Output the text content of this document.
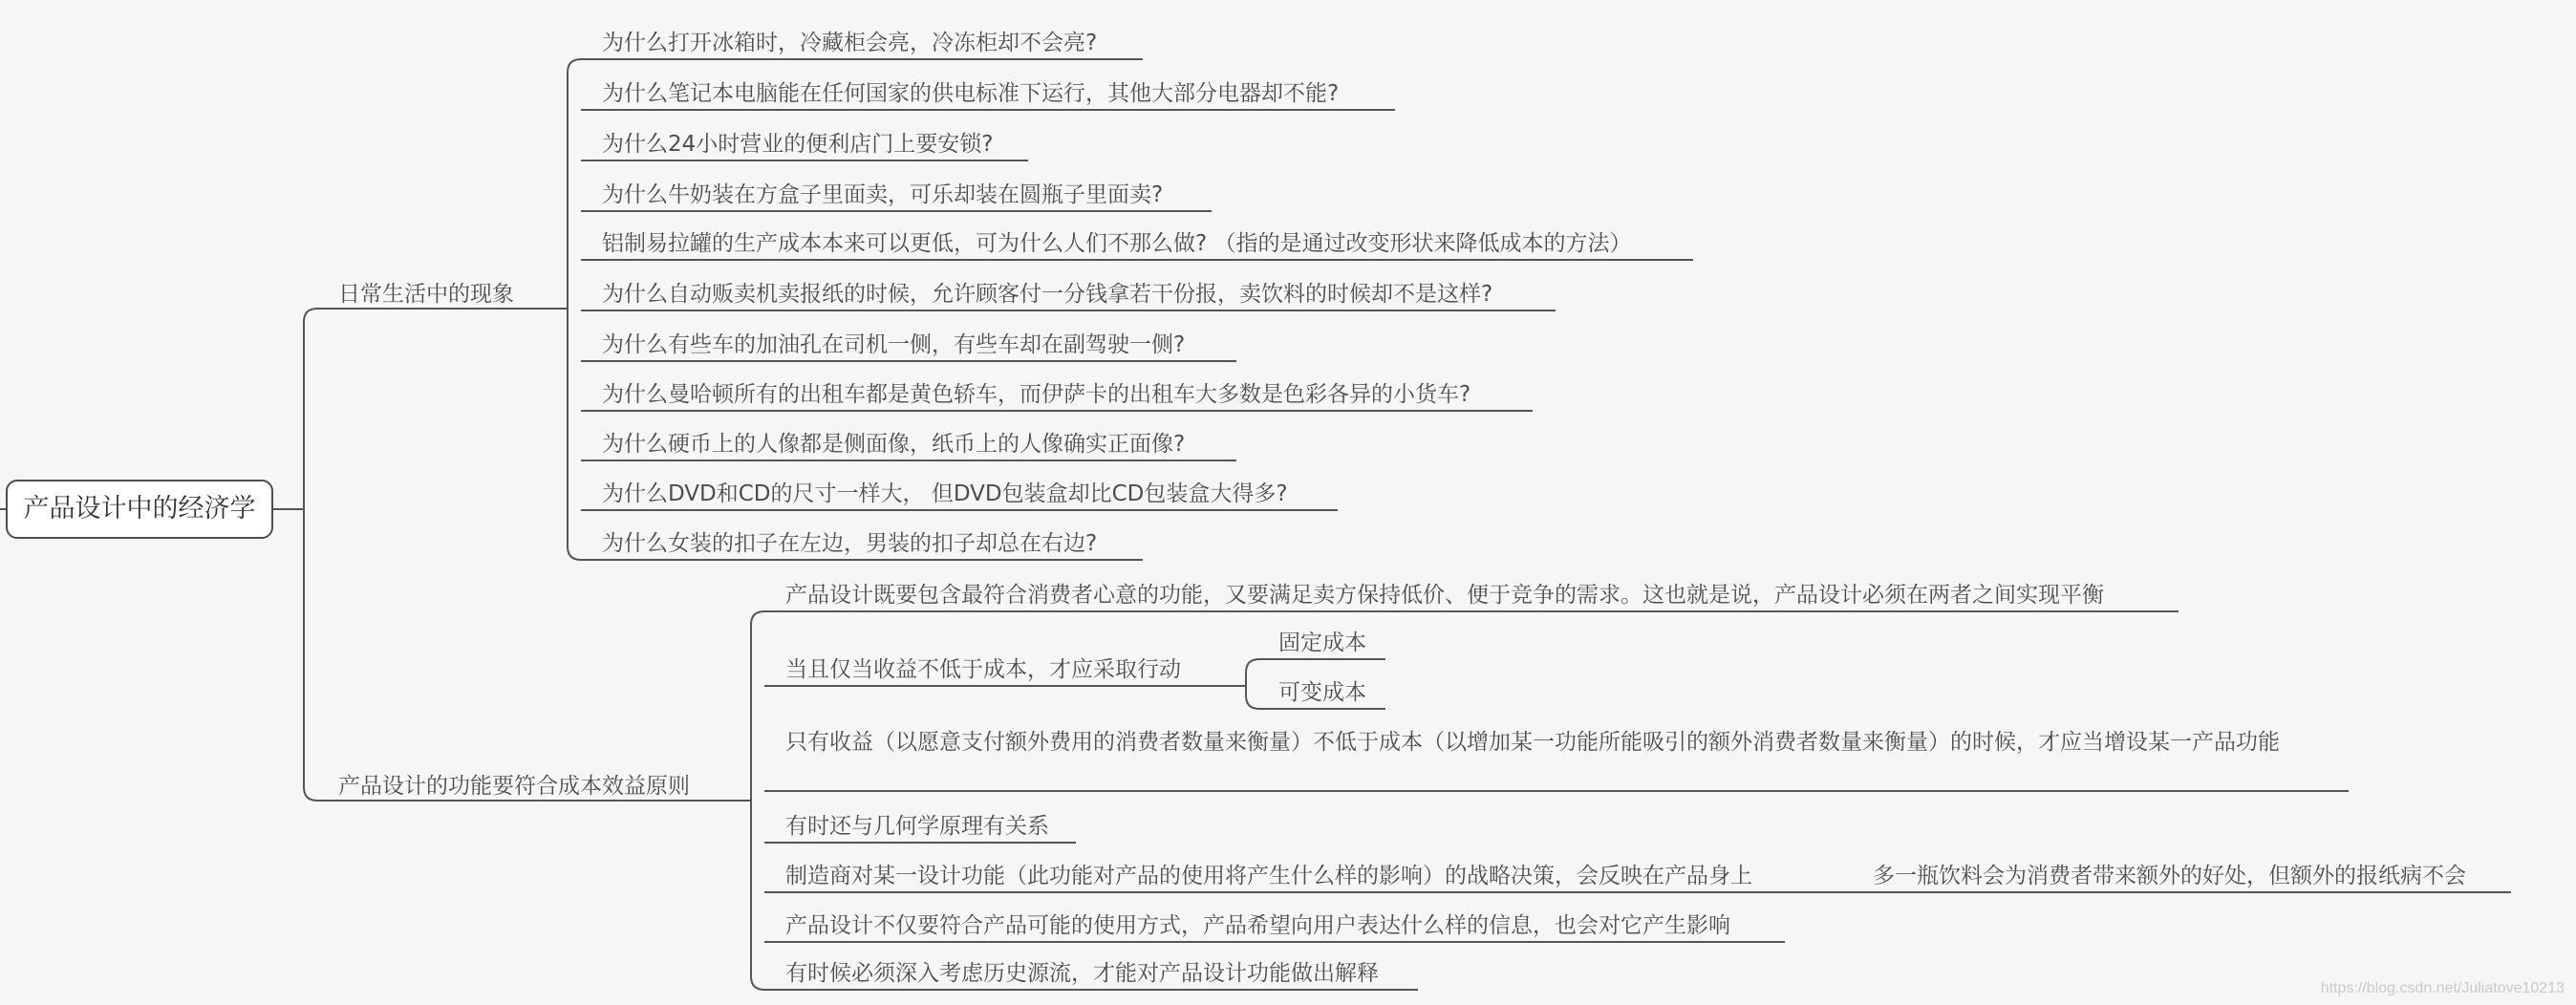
产品设计中的经济学
日常生活中的现象
为什么打开冰箱时，冷藏柜会亮，冷冻柜却不会亮?
为什么笔记本电脑能在任何国家的供电标准下运行，其他大部分电器却不能?
为什么24小时营业的便利店门上要安锁?
为什么牛奶装在方盒子里面卖，可乐却装在圆瓶子里面卖?
铝制易拉罐的生产成本本来可以更低，可为什么人们不那么做? （指的是通过改变形状来降低成本的方法）
为什么自动贩卖机卖报纸的时候，允许顾客付一分钱拿若干份报，卖饮料的时候却不是这样?
为什么有些车的加油孔在司机一侧，有些车却在副驾驶一侧?
为什么曼哈顿所有的出租车都是黄色轿车，而伊萨卡的出租车大多数是色彩各异的小货车?
为什么硬币上的人像都是侧面像，纸币上的人像确实正面像?
为什么DVD和CD的尺寸一样大， 但DVD包装盒却比CD包装盒大得多?
为什么女装的扣子在左边，男装的扣子却总在右边?
产品设计的功能要符合成本效益原则
产品设计既要包含最符合消费者心意的功能，又要满足卖方保持低价、便于竞争的需求。这也就是说，产品设计必须在两者之间实现平衡
当且仅当收益不低于成本，才应采取行动
固定成本
可变成本
只有收益（以愿意支付额外费用的消费者数量来衡量）不低于成本（以增加某一功能所能吸引的额外消费者数量来衡量）的时候，才应当增设某一产品功能
有时还与几何学原理有关系
制造商对某一设计功能（此功能对产品的使用将产生什么样的影响）的战略决策，会反映在产品身上	多一瓶饮料会为消费者带来额外的好处，但额外的报纸病不会
产品设计不仅要符合产品可能的使用方式，产品希望向用户表达什么样的信息，也会对它产生影响
有时候必须深入考虑历史源流，才能对产品设计功能做出解释
https://blog.csdn.net/Juliatove10213
